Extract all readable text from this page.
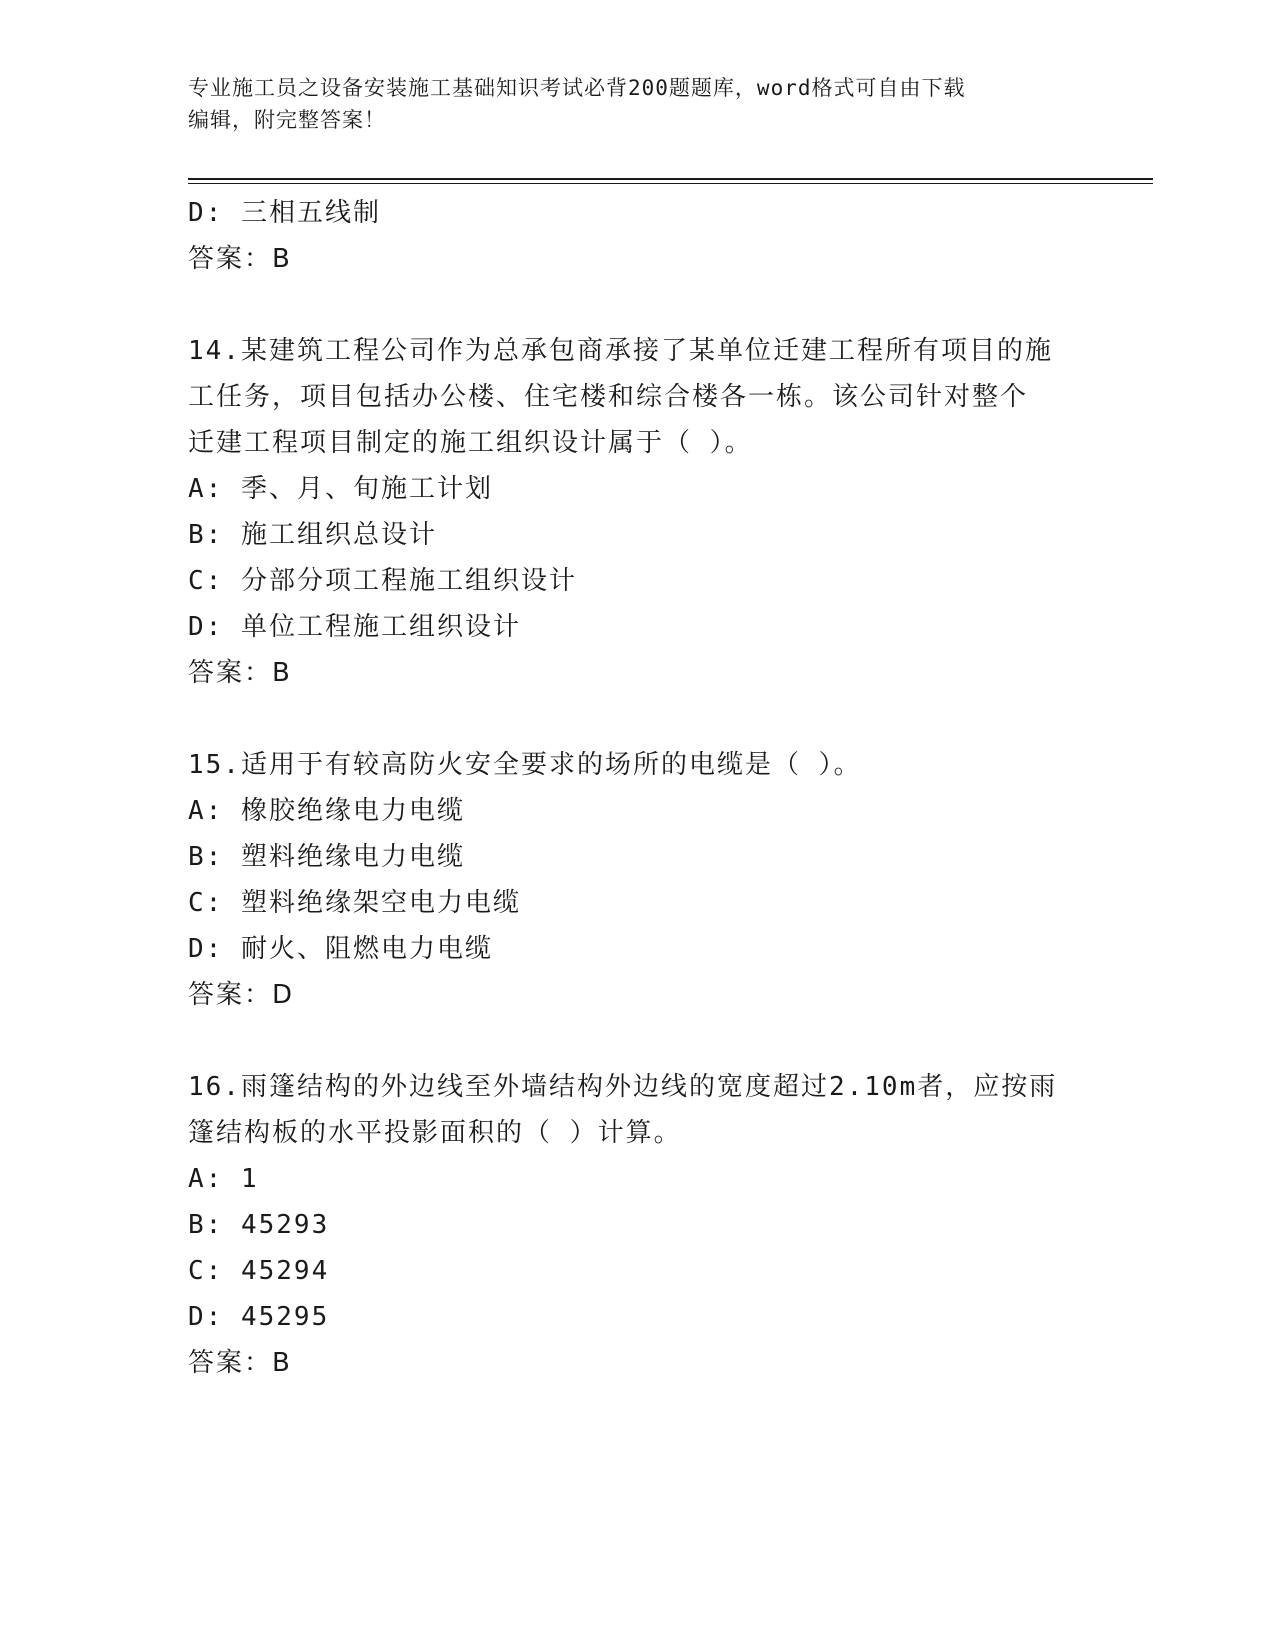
专业施工员之设备安装施工基础知识考试必背200题题库，word格式可自由下载
编辑，附完整答案！
D: 三相五线制
答案：B
14.某建筑工程公司作为总承包商承接了某单位迁建工程所有项目的施
工任务，项目包括办公楼、住宅楼和综合楼各一栋。该公司针对整个
迁建工程项目制定的施工组织设计属于（ ）。
A: 季、月、旬施工计划
B: 施工组织总设计
C: 分部分项工程施工组织设计
D: 单位工程施工组织设计
答案：B
15.适用于有较高防火安全要求的场所的电缆是（ ）。
A: 橡胶绝缘电力电缆
B: 塑料绝缘电力电缆
C: 塑料绝缘架空电力电缆
D: 耐火、阻燃电力电缆
答案：D
16.雨篷结构的外边线至外墙结构外边线的宽度超过2.10m者，应按雨
篷结构板的水平投影面积的（ ）计算。
A: 1
B: 45293
C: 45294
D: 45295
答案：B
